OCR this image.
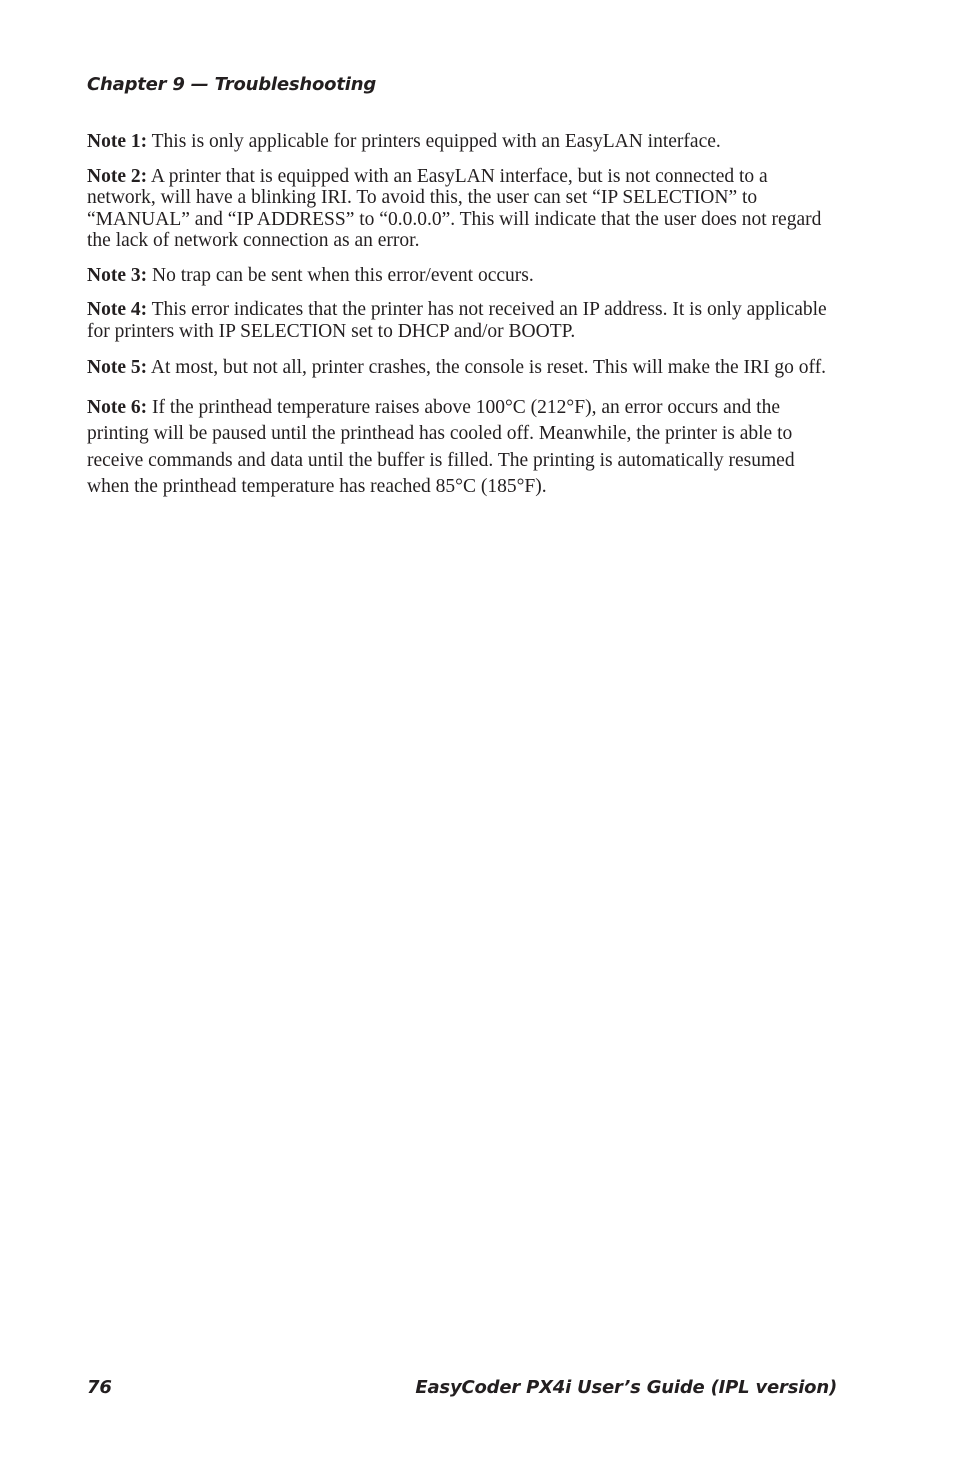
Chapter 9 — Troubleshooting

Note 1: This is only applicable for printers equipped with an EasyLAN interface.

Note 2: A printer that is equipped with an EasyLAN interface, but is not connected to a network, will have a blinking IRI. To avoid this, the user can set “IP SELECTION” to “MANUAL” and “IP ADDRESS” to “0.0.0.0”. This will indicate that the user does not regard the lack of network connection as an error.

Note 3: No trap can be sent when this error/event occurs.

Note 4: This error indicates that the printer has not received an IP address. It is only applicable for printers with IP SELECTION set to DHCP and/or BOOTP.

Note 5: At most, but not all, printer crashes, the console is reset. This will make the IRI go off.

Note 6: If the printhead temperature raises above 100°C (212°F), an error occurs and the printing will be paused until the printhead has cooled off. Meanwhile, the printer is able to receive commands and data until the buffer is filled. The printing is automatically resumed when the printhead temperature has reached 85°C (185°F).

76	EasyCoder PX4i User’s Guide (IPL version)
